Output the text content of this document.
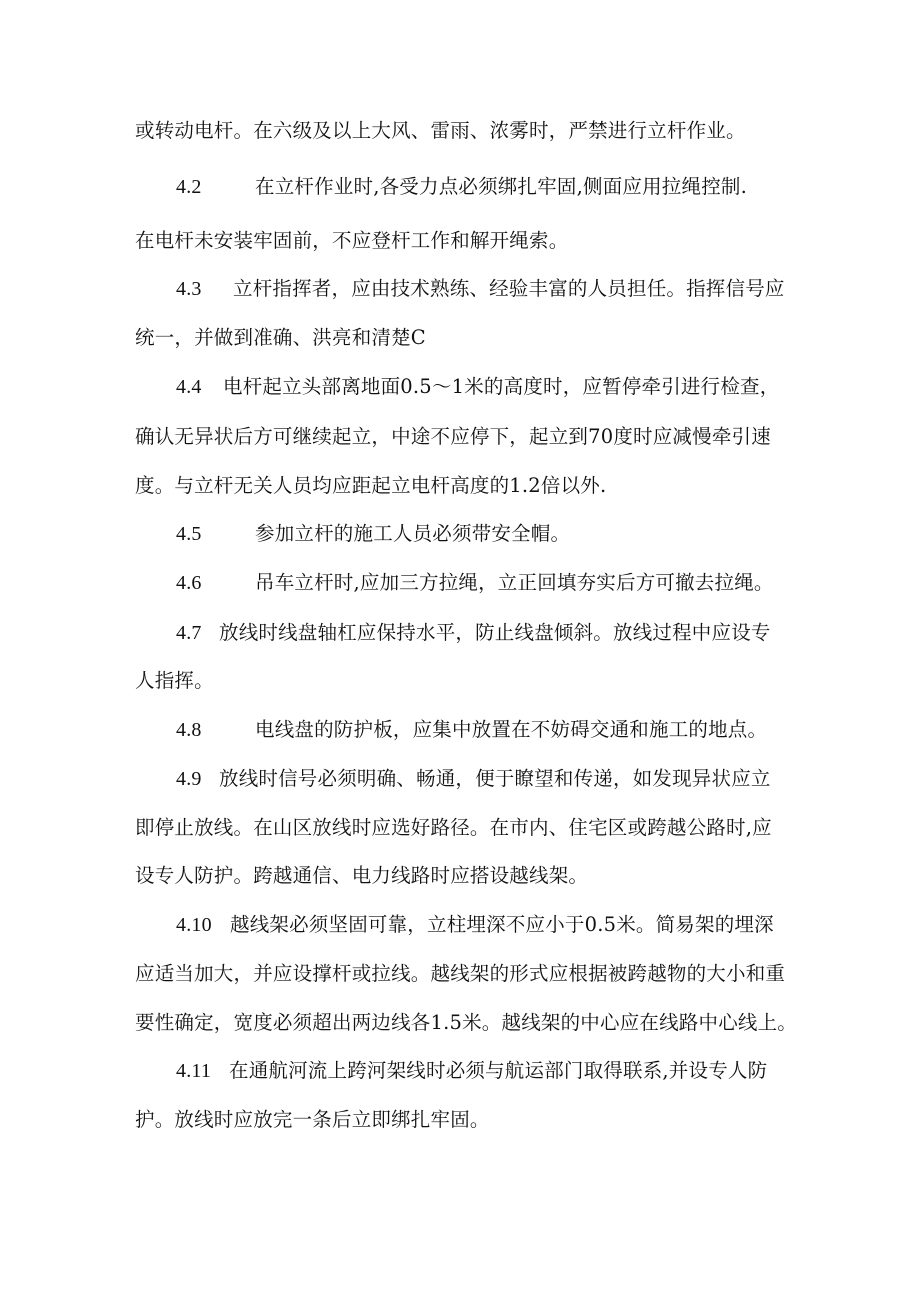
或转动电杆。在六级及以上大风、雷雨、浓雾时，严禁进行立杆作业。
4.2	在立杆作业时,各受力点必须绑扎牢固,侧面应用拉绳控制.
在电杆未安装牢固前，不应登杆工作和解开绳索。
4.3 立杆指挥者，应由技术熟练、经验丰富的人员担任。指挥信号应
统一，并做到准确、洪亮和清楚C
4.4 电杆起立头部离地面0.5～1米的高度时，应暂停牵引进行检查，
确认无异状后方可继续起立，中途不应停下，起立到70度时应减慢牵引速
度。与立杆无关人员均应距起立电杆高度的1.2倍以外.
4.5	参加立杆的施工人员必须带安全帽。
4.6	吊车立杆时,应加三方拉绳，立正回填夯实后方可撤去拉绳。
4.7 放线时线盘轴杠应保持水平，防止线盘倾斜。放线过程中应设专
人指挥。
4.8	电线盘的防护板，应集中放置在不妨碍交通和施工的地点。
4.9 放线时信号必须明确、畅通，便于瞭望和传递，如发现异状应立
即停止放线。在山区放线时应选好路径。在市内、住宅区或跨越公路时,应
设专人防护。跨越通信、电力线路时应搭设越线架。
4.10 越线架必须坚固可靠，立柱埋深不应小于0.5米。简易架的埋深
应适当加大，并应设撑杆或拉线。越线架的形式应根据被跨越物的大小和重
要性确定，宽度必须超出两边线各1.5米。越线架的中心应在线路中心线上。
4.11 在通航河流上跨河架线时必须与航运部门取得联系,并设专人防
护。放线时应放完一条后立即绑扎牢固。
